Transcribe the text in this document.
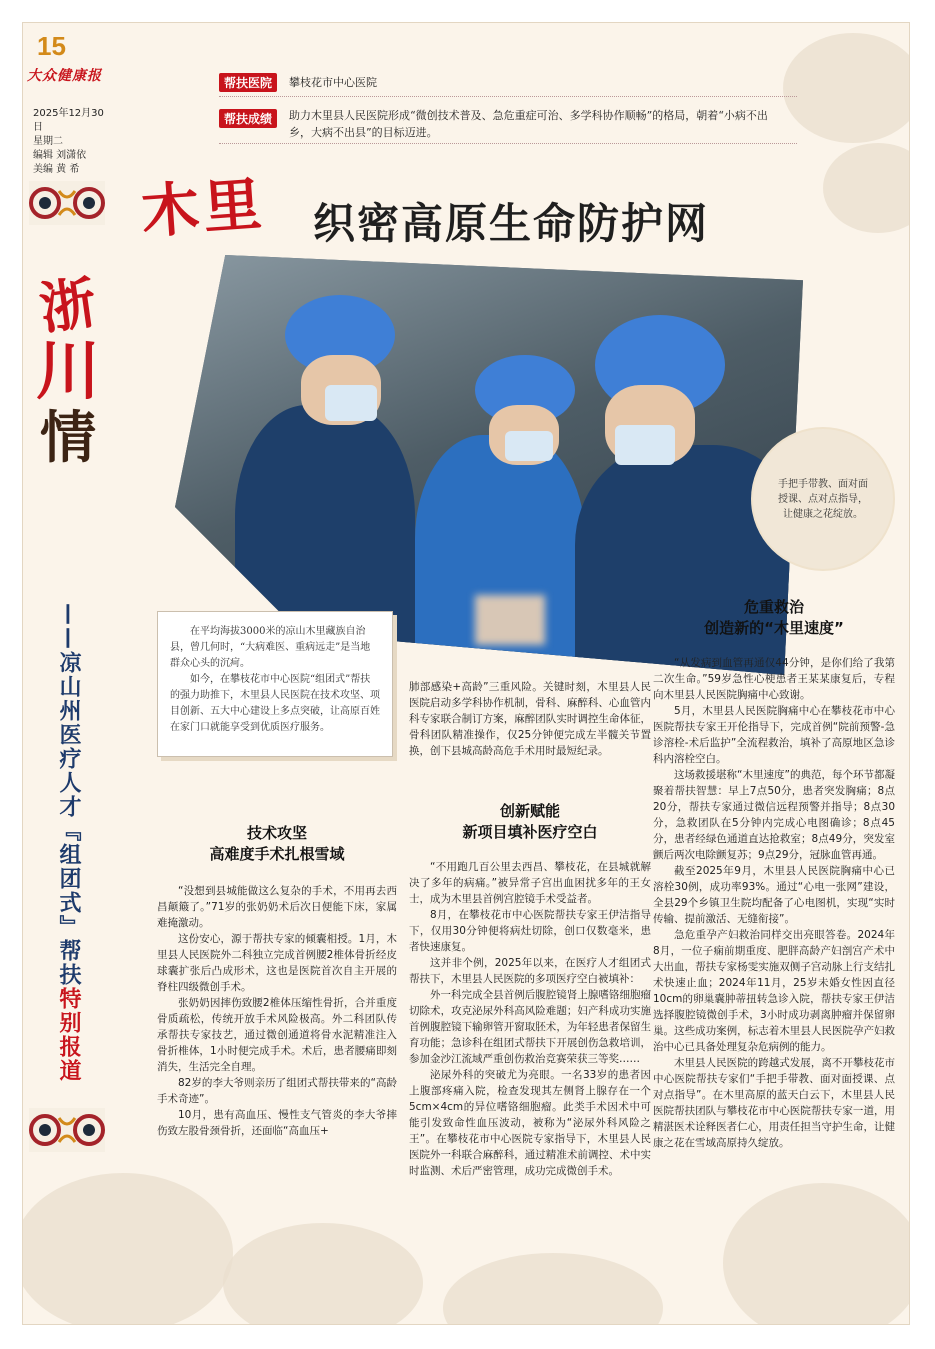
15
大众健康报
2025年12月30日
星期二
编辑 刘潇依
美编 黄 希
浙
川
情
——凉山州医疗人才『组团式』帮扶特别报道
帮扶医院	攀枝花市中心医院
帮扶成绩	助力木里县人民医院形成“微创技术普及、急危重症可治、多学科协作顺畅”的格局，朝着“小病不出乡，大病不出县”的目标迈进。
木里 织密高原生命防护网
手把手带教、面对面授课、点对点指导，让健康之花绽放。

在平均海拔3000米的凉山木里藏族自治县，曾几何时，“大病难医、重病远走”是当地群众心头的沉疴。

如今，在攀枝花市中心医院“组团式”帮扶的强力助推下，木里县人民医院在技术攻坚、项目创新、五大中心建设上多点突破，让高原百姓在家门口就能享受到优质医疗服务。

技术攻坚
高难度手术扎根雪域

“没想到县城能做这么复杂的手术，不用再去西昌颠簸了。”71岁的张奶奶术后次日便能下床，家属难掩激动。

这份安心，源于帮扶专家的倾囊相授。1月，木里县人民医院外二科独立完成首例腰2椎体骨折经皮球囊扩张后凸成形术，这也是医院首次自主开展的脊柱四级微创手术。

张奶奶因摔伤致腰2椎体压缩性骨折，合并重度骨质疏松，传统开放手术风险极高。外二科团队传承帮扶专家技艺，通过微创通道将骨水泥精准注入骨折椎体，1小时便完成手术。术后，患者腰痛即刻消失，生活完全自理。

82岁的李大爷则亲历了组团式帮扶带来的“高龄手术奇迹”。

10月，患有高血压、慢性支气管炎的李大爷摔伤致左股骨颈骨折，还面临“高血压+

肺部感染+高龄”三重风险。关键时刻，木里县人民医院启动多学科协作机制，骨科、麻醉科、心血管内科专家联合制订方案，麻醉团队实时调控生命体征，骨科团队精准操作，仅25分钟便完成左半髋关节置换，创下县城高龄高危手术用时最短纪录。

创新赋能
新项目填补医疗空白

“不用跑几百公里去西昌、攀枝花，在县城就解决了多年的病痛。”被异常子宫出血困扰多年的王女士，成为木里县首例宫腔镜手术受益者。

8月，在攀枝花市中心医院帮扶专家王伊洁指导下，仅用30分钟便将病灶切除，创口仅数毫米，患者快速康复。

这并非个例，2025年以来，在医疗人才组团式帮扶下，木里县人民医院的多项医疗空白被填补：

外一科完成全县首例后腹腔镜肾上腺嗜铬细胞瘤切除术，攻克泌尿外科高风险难题；妇产科成功实施首例腹腔镜下输卵管开窗取胚术，为年轻患者保留生育功能；急诊科在组团式帮扶下开展创伤急救培训，参加金沙江流域严重创伤救治竞赛荣获三等奖……

泌尿外科的突破尤为亮眼。一名33岁的患者因上腹部疼痛入院，检查发现其左侧肾上腺存在一个5cm×4cm的异位嗜铬细胞瘤。此类手术因术中可能引发致命性血压波动，被称为“泌尿外科风险之王”。在攀枝花市中心医院专家指导下，木里县人民医院外一科联合麻醉科，通过精准术前调控、术中实时监测、术后严密管理，成功完成微创手术。

危重救治
创造新的“木里速度”

“从发病到血管再通仅44分钟，是你们给了我第二次生命。”59岁急性心梗患者王某某康复后，专程向木里县人民医院胸痛中心致谢。

5月，木里县人民医院胸痛中心在攀枝花市中心医院帮扶专家王开伦指导下，完成首例“院前预警-急诊溶栓-术后监护”全流程救治，填补了高原地区急诊科内溶栓空白。

这场救援堪称“木里速度”的典范，每个环节都凝聚着帮扶智慧：早上7点50分，患者突发胸痛；8点20分，帮扶专家通过微信远程预警并指导；8点30分，急救团队在5分钟内完成心电图确诊；8点45分，患者经绿色通道直达抢救室；8点49分，突发室颤后两次电除颤复苏；9点29分，冠脉血管再通。

截至2025年9月，木里县人民医院胸痛中心已溶栓30例，成功率93%。通过“心电一张网”建设，全县29个乡镇卫生院均配备了心电图机，实现“实时传输、提前激活、无缝衔接”。

急危重孕产妇救治同样交出亮眼答卷。2024年8月，一位子痫前期重度、肥胖高龄产妇剖宫产术中大出血，帮扶专家杨雯实施双侧子宫动脉上行支结扎术快速止血；2024年11月，25岁未婚女性因直径10cm的卵巢囊肿蒂扭转急诊入院，帮扶专家王伊洁选择腹腔镜微创手术，3小时成功剥离肿瘤并保留卵巢。这些成功案例，标志着木里县人民医院孕产妇救治中心已具备处理复杂危病例的能力。

木里县人民医院的跨越式发展，离不开攀枝花市中心医院帮扶专家们“手把手带教、面对面授课、点对点指导”。在木里高原的蓝天白云下，木里县人民医院帮扶团队与攀枝花市中心医院帮扶专家一道，用精湛医术诠释医者仁心，用责任担当守护生命，让健康之花在雪域高原持久绽放。
